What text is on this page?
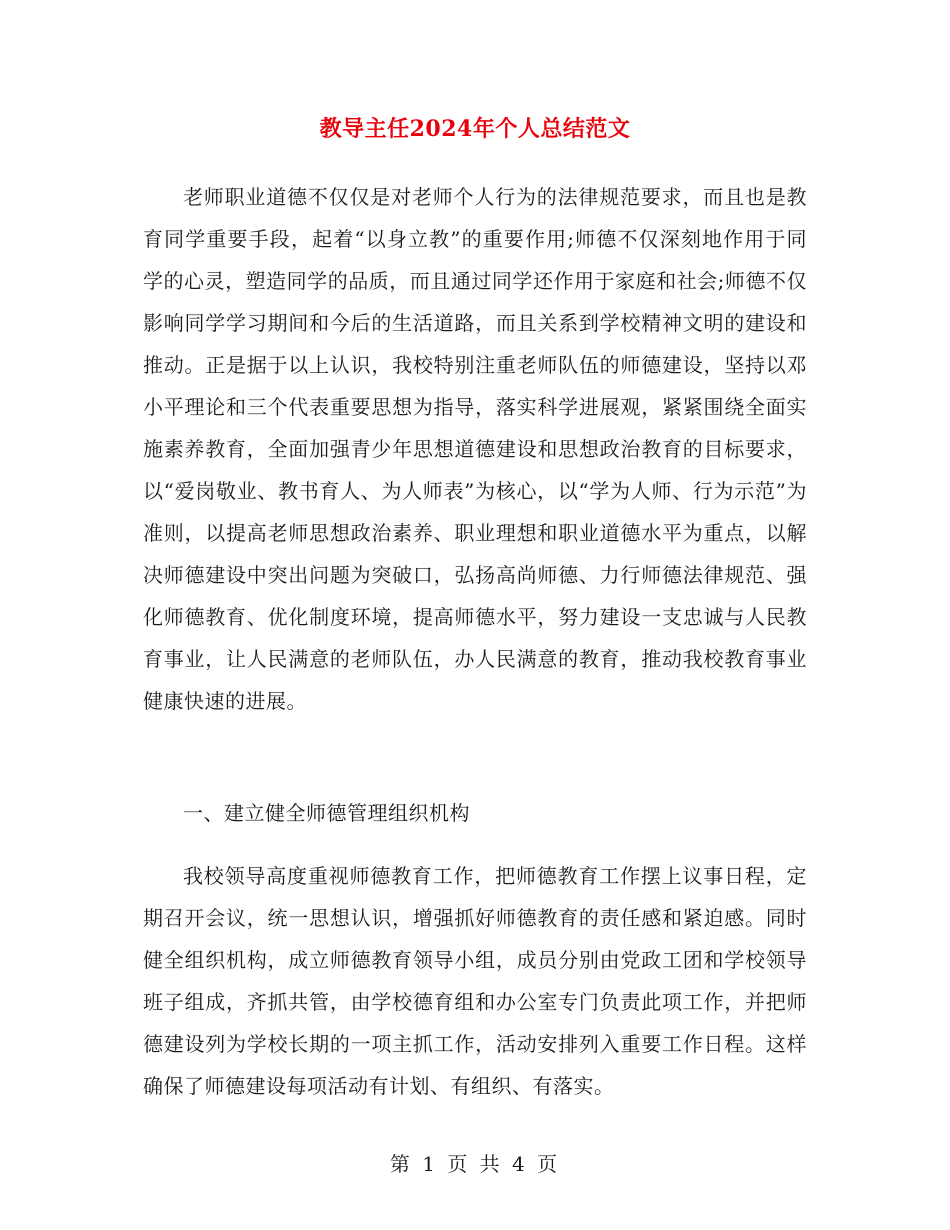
教导主任2024年个人总结范文

老师职业道德不仅仅是对老师个人行为的法律规范要求，而且也是教育同学重要手段，起着“以身立教”的重要作用;师德不仅深刻地作用于同学的心灵，塑造同学的品质，而且通过同学还作用于家庭和社会;师德不仅影响同学学习期间和今后的生活道路，而且关系到学校精神文明的建设和推动。正是据于以上认识，我校特别注重老师队伍的师德建设，坚持以邓小平理论和三个代表重要思想为指导，落实科学进展观，紧紧围绕全面实施素养教育，全面加强青少年思想道德建设和思想政治教育的目标要求，以“爱岗敬业、教书育人、为人师表”为核心，以“学为人师、行为示范”为准则，以提高老师思想政治素养、职业理想和职业道德水平为重点，以解决师德建设中突出问题为突破口，弘扬高尚师德、力行师德法律规范、强化师德教育、优化制度环境，提高师德水平，努力建设一支忠诚与人民教育事业，让人民满意的老师队伍，办人民满意的教育，推动我校教育事业健康快速的进展。

一、建立健全师德管理组织机构

我校领导高度重视师德教育工作，把师德教育工作摆上议事日程，定期召开会议，统一思想认识，增强抓好师德教育的责任感和紧迫感。同时健全组织机构，成立师德教育领导小组，成员分别由党政工团和学校领导班子组成，齐抓共管，由学校德育组和办公室专门负责此项工作，并把师德建设列为学校长期的一项主抓工作，活动安排列入重要工作日程。这样确保了师德建设每项活动有计划、有组织、有落实。

第 1 页 共 4 页
